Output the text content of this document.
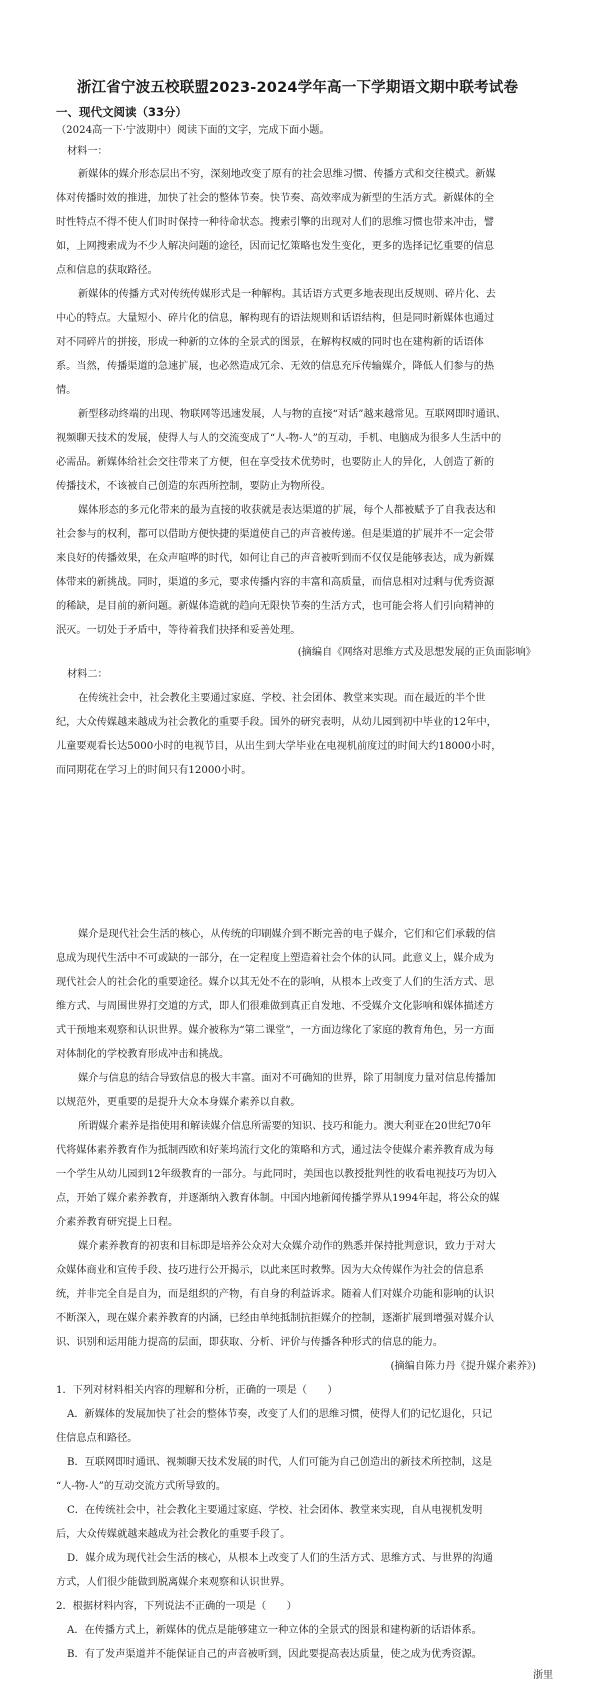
浙江省宁波五校联盟2023-2024学年高一下学期语文期中联考试卷
一、现代文阅读（33分）
（2024高一下·宁波期中）阅读下面的文字，完成下面小题。
材料一：
新媒体的媒介形态层出不穷，深刻地改变了原有的社会思维习惯、传播方式和交往模式。新媒
体对传播时效的推进，加快了社会的整体节奏。快节奏、高效率成为新型的生活方式。新媒体的全
时性特点不得不使人们时时保持一种待命状态。搜索引擎的出现对人们的思维习惯也带来冲击，譬
如，上网搜索成为不少人解决问题的途径，因而记忆策略也发生变化，更多的选择记忆重要的信息
点和信息的获取路径。
新媒体的传播方式对传统传媒形式是一种解构。其话语方式更多地表现出反规则、碎片化、去
中心的特点。大量短小、碎片化的信息，解构现有的语法规则和话语结构，但是同时新媒体也通过
对不同碎片的拼接，形成一种新的立体的全景式的图景，在解构权威的同时也在建构新的话语体
系。当然，传播渠道的急速扩展，也必然造成冗余、无效的信息充斥传输媒介，降低人们参与的热
情。
新型移动终端的出现、物联网等迅速发展，人与物的直接“对话”越来越常见。互联网即时通讯、
视频聊天技术的发展，使得人与人的交流变成了“人-物-人”的互动，手机、电脑成为很多人生活中的
必需品。新媒体给社会交往带来了方便，但在享受技术优势时，也要防止人的异化，人创造了新的
传播技术，不该被自己创造的东西所控制，要防止为物所役。
媒体形态的多元化带来的最为直接的收获就是表达渠道的扩展，每个人都被赋予了自我表达和
社会参与的权利，都可以借助方便快捷的渠道使自己的声音被传递。但是渠道的扩展并不一定会带
来良好的传播效果，在众声喧哗的时代，如何让自己的声音被听到而不仅仅是能够表达，成为新媒
体带来的新挑战。同时，渠道的多元，要求传播内容的丰富和高质量，而信息相对过剩与优秀资源
的稀缺，是目前的新问题。新媒体造就的趋向无限快节奏的生活方式，也可能会将人们引向精神的
泯灭。一切处于矛盾中，等待着我们抉择和妥善处理。
(摘编自《网络对思维方式及思想发展的正负面影响》
材料二：
在传统社会中，社会教化主要通过家庭、学校、社会团体、教堂来实现。而在最近的半个世
纪，大众传媒越来越成为社会教化的重要手段。国外的研究表明，从幼儿园到初中毕业的12年中，
儿童要观看长达5000小时的电视节目，从出生到大学毕业在电视机前度过的时间大约18000小时，
而同期花在学习上的时间只有12000小时。
媒介是现代社会生活的核心，从传统的印刷媒介到不断完善的电子媒介，它们和它们承载的信
息成为现代生活中不可或缺的一部分，在一定程度上塑造着社会个体的认同。此意义上，媒介成为
现代社会人的社会化的重要途径。媒介以其无处不在的影响，从根本上改变了人们的生活方式、思
维方式、与周围世界打交道的方式，即人们很难做到真正自发地、不受媒介文化影响和媒体描述方
式干预地来观察和认识世界。媒介被称为“第二课堂”，一方面边缘化了家庭的教育角色，另一方面
对体制化的学校教育形成冲击和挑战。
媒介与信息的结合导致信息的极大丰富。面对不可确知的世界，除了用制度力量对信息传播加
以规范外，更重要的是提升大众本身媒介素养以自救。
所谓媒介素养是指使用和解读媒介信息所需要的知识、技巧和能力。澳大利亚在20世纪70年
代将媒体素养教育作为抵制西欧和好莱坞流行文化的策略和方式，通过法令使媒介素养教育成为每
一个学生从幼儿园到12年级教育的一部分。与此同时，美国也以教授批判性的收看电视技巧为切入
点，开始了媒介素养教育，并逐渐纳入教育体制。中国内地新闻传播学界从1994年起，将公众的媒
介素养教育研究提上日程。
媒介素养教育的初衷和目标即是培养公众对大众媒介动作的熟悉并保持批判意识，致力于对大
众媒体商业和宣传手段、技巧进行公开揭示，以此来匡时救弊。因为大众传媒作为社会的信息系
统，并非完全自是自为，而是组织的产物，有自身的利益诉求。随着人们对媒介功能和影响的认识
不断深入，现在媒介素养教育的内涵，已经由单纯抵制抗拒媒介的控制，逐渐扩展到增强对媒介认
识、识别和运用能力提高的层面，即获取、分析、评价与传播各种形式的信息的能力。
(摘编自陈力丹《提升媒介素养》)
1．下列对材料相关内容的理解和分析，正确的一项是（　　）
A．新媒体的发展加快了社会的整体节奏，改变了人们的思维习惯，使得人们的记忆退化，只记
住信息点和路径。
B．互联网即时通讯、视频聊天技术发展的时代，人们可能为自己创造出的新技术所控制，这是
“人-物-人”的互动交流方式所导致的。
C．在传统社会中，社会教化主要通过家庭、学校、社会团体、教堂来实现，自从电视机发明
后，大众传媒就越来越成为社会教化的重要手段了。
D．媒介成为现代社会生活的核心，从根本上改变了人们的生活方式、思维方式、与世界的沟通
方式，人们很少能做到脱离媒介来观察和认识世界。
2．根据材料内容，下列说法不正确的一项是（　　）
A．在传播方式上，新媒体的优点是能够建立一种立体的全景式的图景和建构新的话语体系。
B．有了发声渠道并不能保证自己的声音被听到，因此要提高表达质量，使之成为优秀资源。
浙里
